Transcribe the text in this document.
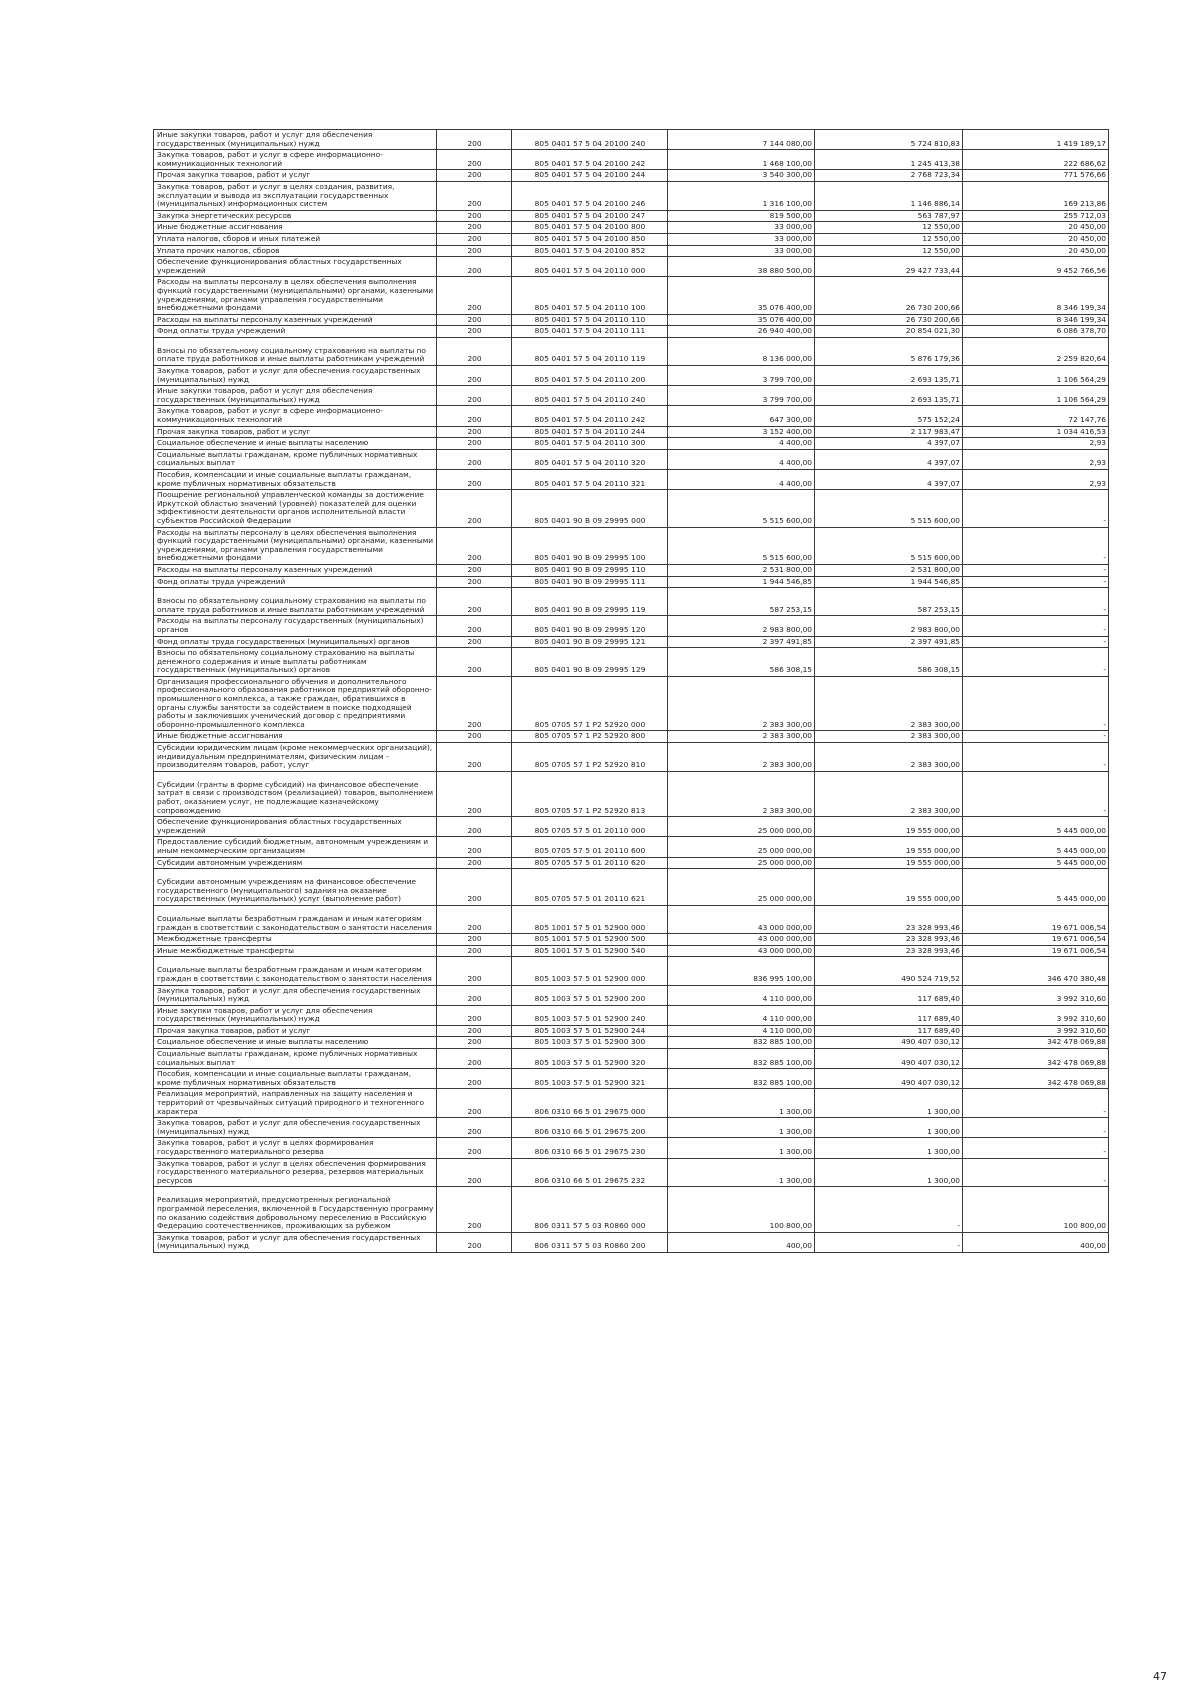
Иные закупки товаров, работ и услуг для обеспечения государственных (муниципальных) нужд	200	805 0401 57 5 04 20100 240	7 144 080,00	5 724 810,83	1 419 189,17
Закупка товаров, работ и услуг в сфере информационно-коммуникационных технологий	200	805 0401 57 5 04 20100 242	1 468 100,00	1 245 413,38	222 686,62
Прочая закупка товаров, работ и услуг	200	805 0401 57 5 04 20100 244	3 540 300,00	2 768 723,34	771 576,66
Закупка товаров, работ и услуг в целях создания, развития, эксплуатации и вывода из эксплуатации государственных (муниципальных) информационных систем	200	805 0401 57 5 04 20100 246	1 316 100,00	1 146 886,14	169 213,86
Закупка энергетических ресурсов	200	805 0401 57 5 04 20100 247	819 500,00	563 787,97	255 712,03
Иные бюджетные ассигнования	200	805 0401 57 5 04 20100 800	33 000,00	12 550,00	20 450,00
Уплата налогов, сборов и иных платежей	200	805 0401 57 5 04 20100 850	33 000,00	12 550,00	20 450,00
Уплата прочих налогов, сборов	200	805 0401 57 5 04 20100 852	33 000,00	12 550,00	20 450,00
Обеспечение функционирования областных государственных учреждений	200	805 0401 57 5 04 20110 000	38 880 500,00	29 427 733,44	9 452 766,56
Расходы на выплаты персоналу в целях обеспечения выполнения функций государственными (муниципальными) органами, казенными учреждениями, органами управления государственными внебюджетными фондами	200	805 0401 57 5 04 20110 100	35 076 400,00	26 730 200,66	8 346 199,34
Расходы на выплаты персоналу казенных учреждений	200	805 0401 57 5 04 20110 110	35 076 400,00	26 730 200,66	8 346 199,34
Фонд оплаты труда учреждений	200	805 0401 57 5 04 20110 111	26 940 400,00	20 854 021,30	6 086 378,70
Взносы по обязательному социальному страхованию на выплаты по оплате труда работников и иные выплаты работникам учреждений	200	805 0401 57 5 04 20110 119	8 136 000,00	5 876 179,36	2 259 820,64
Закупка товаров, работ и услуг для обеспечения государственных (муниципальных) нужд	200	805 0401 57 5 04 20110 200	3 799 700,00	2 693 135,71	1 106 564,29
Иные закупки товаров, работ и услуг для обеспечения государственных (муниципальных) нужд	200	805 0401 57 5 04 20110 240	3 799 700,00	2 693 135,71	1 106 564,29
Закупка товаров, работ и услуг в сфере информационно-коммуникационных технологий	200	805 0401 57 5 04 20110 242	647 300,00	575 152,24	72 147,76
Прочая закупка товаров, работ и услуг	200	805 0401 57 5 04 20110 244	3 152 400,00	2 117 983,47	1 034 416,53
Социальное обеспечение и иные выплаты населению	200	805 0401 57 5 04 20110 300	4 400,00	4 397,07	2,93
Социальные выплаты гражданам, кроме публичных нормативных социальных выплат	200	805 0401 57 5 04 20110 320	4 400,00	4 397,07	2,93
Пособия, компенсации и иные социальные выплаты гражданам, кроме публичных нормативных обязательств	200	805 0401 57 5 04 20110 321	4 400,00	4 397,07	2,93
Поощрение региональной управленческой команды за достижение Иркутской областью значений (уровней) показателей для оценки эффективности деятельности органов исполнительной власти субъектов Российской Федерации	200	805 0401 90 В 09 29995 000	5 515 600,00	5 515 600,00	-
Расходы на выплаты персоналу в целях обеспечения выполнения функций государственными (муниципальными) органами, казенными учреждениями, органами управления государственными внебюджетными фондами	200	805 0401 90 В 09 29995 100	5 515 600,00	5 515 600,00	-
Расходы на выплаты персоналу казенных учреждений	200	805 0401 90 В 09 29995 110	2 531 800,00	2 531 800,00	-
Фонд оплаты труда учреждений	200	805 0401 90 В 09 29995 111	1 944 546,85	1 944 546,85	-
Взносы по обязательному социальному страхованию на выплаты по оплате труда работников и иные выплаты работникам учреждений	200	805 0401 90 В 09 29995 119	587 253,15	587 253,15	-
Расходы на выплаты персоналу государственных (муниципальных) органов	200	805 0401 90 В 09 29995 120	2 983 800,00	2 983 800,00	-
Фонд оплаты труда государственных (муниципальных) органов	200	805 0401 90 В 09 29995 121	2 397 491,85	2 397 491,85	-
Взносы по обязательному социальному страхованию на выплаты денежного содержания и иные выплаты работникам государственных (муниципальных) органов	200	805 0401 90 В 09 29995 129	586 308,15	586 308,15	-
Организация профессионального обучения и дополнительного профессионального образования работников предприятий оборонно-промышленного комплекса, а также граждан, обратившихся в органы службы занятости за содействием в поиске подходящей работы и заключивших ученический договор с предприятиями оборонно-промышленного комплекса	200	805 0705 57 1 Р2 52920 000	2 383 300,00	2 383 300,00	-
Иные бюджетные ассигнования	200	805 0705 57 1 Р2 52920 800	2 383 300,00	2 383 300,00	-
Субсидии юридическим лицам (кроме некоммерческих организаций), индивидуальным предпринимателям, физическим лицам - производителям товаров, работ, услуг	200	805 0705 57 1 Р2 52920 810	2 383 300,00	2 383 300,00	-
Субсидии (гранты в форме субсидий) на финансовое обеспечение затрат в связи с производством (реализацией) товаров, выполнением работ, оказанием услуг, не подлежащие казначейскому сопровождению	200	805 0705 57 1 Р2 52920 813	2 383 300,00	2 383 300,00	-
Обеспечение функционирования областных государственных учреждений	200	805 0705 57 5 01 20110 000	25 000 000,00	19 555 000,00	5 445 000,00
Предоставление субсидий бюджетным, автономным учреждениям и иным некоммерческим организациям	200	805 0705 57 5 01 20110 600	25 000 000,00	19 555 000,00	5 445 000,00
Субсидии автономным учреждениям	200	805 0705 57 5 01 20110 620	25 000 000,00	19 555 000,00	5 445 000,00
Субсидии автономным учреждениям на финансовое обеспечение государственного (муниципального) задания на оказание государственных (муниципальных) услуг (выполнение работ)	200	805 0705 57 5 01 20110 621	25 000 000,00	19 555 000,00	5 445 000,00
Социальные выплаты безработным гражданам и иным категориям граждан в соответствии с законодательством о занятости населения	200	805 1001 57 5 01 52900 000	43 000 000,00	23 328 993,46	19 671 006,54
Межбюджетные трансферты	200	805 1001 57 5 01 52900 500	43 000 000,00	23 328 993,46	19 671 006,54
Иные межбюджетные трансферты	200	805 1001 57 5 01 52900 540	43 000 000,00	23 328 993,46	19 671 006,54
Социальные выплаты безработным гражданам и иным категориям граждан в соответствии с законодательством о занятости населения	200	805 1003 57 5 01 52900 000	836 995 100,00	490 524 719,52	346 470 380,48
Закупка товаров, работ и услуг для обеспечения государственных (муниципальных) нужд	200	805 1003 57 5 01 52900 200	4 110 000,00	117 689,40	3 992 310,60
Иные закупки товаров, работ и услуг для обеспечения государственных (муниципальных) нужд	200	805 1003 57 5 01 52900 240	4 110 000,00	117 689,40	3 992 310,60
Прочая закупка товаров, работ и услуг	200	805 1003 57 5 01 52900 244	4 110 000,00	117 689,40	3 992 310,60
Социальное обеспечение и иные выплаты населению	200	805 1003 57 5 01 52900 300	832 885 100,00	490 407 030,12	342 478 069,88
Социальные выплаты гражданам, кроме публичных нормативных социальных выплат	200	805 1003 57 5 01 52900 320	832 885 100,00	490 407 030,12	342 478 069,88
Пособия, компенсации и иные социальные выплаты гражданам, кроме публичных нормативных обязательств	200	805 1003 57 5 01 52900 321	832 885 100,00	490 407 030,12	342 478 069,88
Реализация мероприятий, направленных на защиту населения и территорий от чрезвычайных ситуаций природного и техногенного характера	200	806 0310 66 5 01 29675 000	1 300,00	1 300,00	-
Закупка товаров, работ и услуг для обеспечения государственных (муниципальных) нужд	200	806 0310 66 5 01 29675 200	1 300,00	1 300,00	-
Закупка товаров, работ и услуг в целях формирования государственного материального резерва	200	806 0310 66 5 01 29675 230	1 300,00	1 300,00	-
Закупка товаров, работ и услуг в целях обеспечения формирования государственного материального резерва, резервов материальных ресурсов	200	806 0310 66 5 01 29675 232	1 300,00	1 300,00	-
Реализация мероприятий, предусмотренных региональной программой переселения, включенной в Государственную программу по оказанию содействия добровольному переселению в Российскую Федерацию соотечественников, проживающих за рубежом	200	806 0311 57 5 03 R0860 000	100 800,00	-	100 800,00
Закупка товаров, работ и услуг для обеспечения государственных (муниципальных) нужд	200	806 0311 57 5 03 R0860 200	400,00	-	400,00
47
